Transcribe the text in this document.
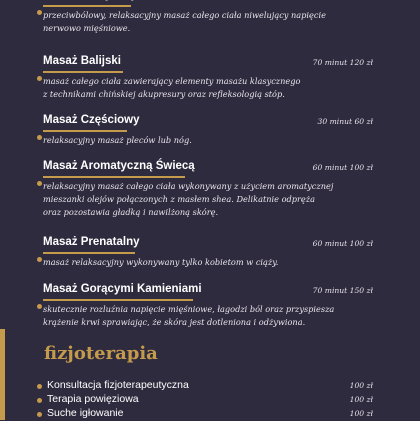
przeciwbólowy, relaksacyjny masaż całego ciała niwelujący napięcie
nerwowo mięśniowe.
Masaż Balijski	70 minut 120 zł
masaż całego ciała zawierający elementy masażu klasycznego
z technikami chińskiej akupresury oraz refleksologią stóp.
Masaż Częściowy	30 minut 60 zł
relaksacyjny masaż pleców lub nóg.
Masaż Aromatyczną Świecą	60 minut 100 zł
relaksacyjny masaż całego ciała wykonywany z użyciem aromatycznej
mieszanki olejów połączonych z masłem shea. Delikatnie odpręża
oraz pozostawia gładką i nawilżoną skórę.
Masaż Prenatalny	60 minut 100 zł
masaż relaksacyjny wykonywany tylko kobietom w ciąży.
Masaż Gorącymi Kamieniami	70 minut 150 zł
skutecznie rozluźnia napięcie mięśniowe, łagodzi ból oraz przyspiesza
krążenie krwi sprawiając, że skóra jest dotleniona i odżywiona.
fizjoterapia
Konsultacja fizjoterapeutyczna	100 zł
Terapia powięziowa	100 zł
Suche igłowanie	100 zł
